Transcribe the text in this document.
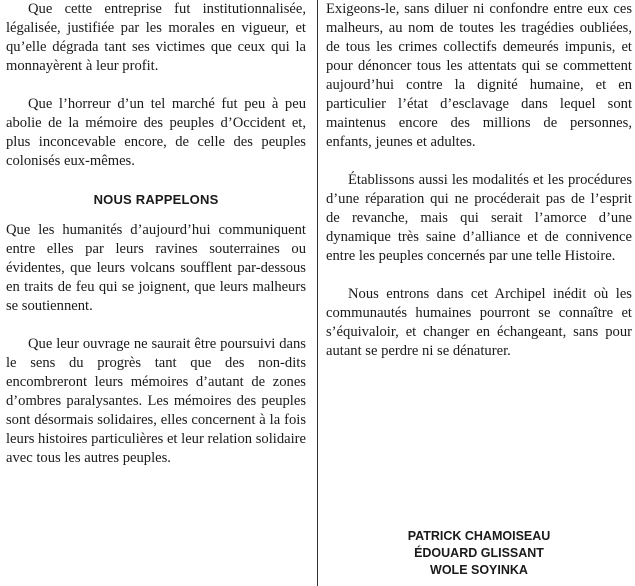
Que cette entreprise fut institutionnalisée, légalisée, justifiée par les morales en vigueur, et qu’elle dégrada tant ses victimes que ceux qui la monnayèrent à leur profit.

Que l’horreur d’un tel marché fut peu à peu abolie de la mémoire des peuples d’Occident et, plus inconcevable encore, de celle des peuples colonisés eux-mêmes.

NOUS RAPPELONS

Que les humanités d’aujourd’hui communiquent entre elles par leurs ravines souterraines ou évidentes, que leurs volcans soufflent par-dessous en traits de feu qui se joignent, que leurs malheurs se soutiennent.

Que leur ouvrage ne saurait être poursuivi dans le sens du progrès tant que des non-dits encombreront leurs mémoires d’autant de zones d’ombres paralysantes. Les mémoires des peuples sont désormais solidaires, elles concernent à la fois leurs histoires particulières et leur relation solidaire avec tous les autres peuples.

Exigeons-le, sans diluer ni confondre entre eux ces malheurs, au nom de toutes les tragédies oubliées, de tous les crimes collectifs demeurés impunis, et pour dénoncer tous les attentats qui se commettent aujourd’hui contre la dignité humaine, et en particulier l’état d’esclavage dans lequel sont maintenus encore des millions de personnes, enfants, jeunes et adultes.

Établissons aussi les modalités et les procédures d’une réparation qui ne procéderait pas de l’esprit de revanche, mais qui serait l’amorce d’une dynamique très saine d’alliance et de connivence entre les peuples concernés par une telle Histoire.

Nous entrons dans cet Archipel inédit où les communautés humaines pourront se connaître et s’équivaloir, et changer en échangeant, sans pour autant se perdre ni se dénaturer.

PATRICK CHAMOISEAU
ÉDOUARD GLISSANT
WOLE SOYINKA
